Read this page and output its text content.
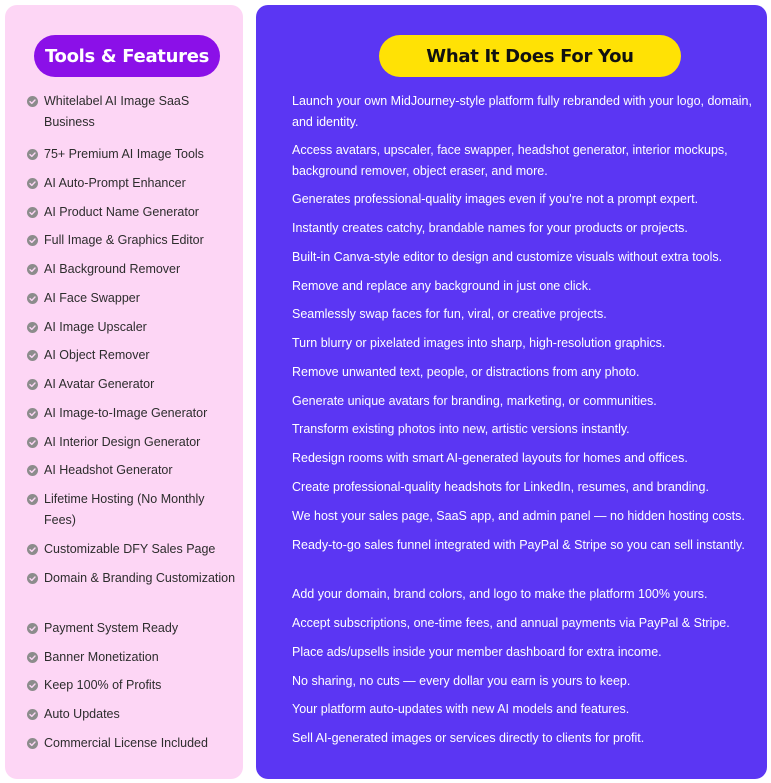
Tools & Features
Whitelabel AI Image SaaS Business
75+ Premium AI Image Tools
AI Auto-Prompt Enhancer
AI Product Name Generator
Full Image & Graphics Editor
AI Background Remover
AI Face Swapper
AI Image Upscaler
AI Object Remover
AI Avatar Generator
AI Image-to-Image Generator
AI Interior Design Generator
AI Headshot Generator
Lifetime Hosting (No Monthly Fees)
Customizable DFY Sales Page
Domain & Branding Customization
Payment System Ready
Banner Monetization
Keep 100% of Profits
Auto Updates
Commercial License Included
What It Does For You
Launch your own MidJourney-style platform fully rebranded with your logo, domain, and identity.
Access avatars, upscaler, face swapper, headshot generator, interior mockups, background remover, object eraser, and more.
Generates professional-quality images even if you're not a prompt expert.
Instantly creates catchy, brandable names for your products or projects.
Built-in Canva-style editor to design and customize visuals without extra tools.
Remove and replace any background in just one click.
Seamlessly swap faces for fun, viral, or creative projects.
Turn blurry or pixelated images into sharp, high-resolution graphics.
Remove unwanted text, people, or distractions from any photo.
Generate unique avatars for branding, marketing, or communities.
Transform existing photos into new, artistic versions instantly.
Redesign rooms with smart AI-generated layouts for homes and offices.
Create professional-quality headshots for LinkedIn, resumes, and branding.
We host your sales page, SaaS app, and admin panel — no hidden hosting costs.
Ready-to-go sales funnel integrated with PayPal & Stripe so you can sell instantly.
Add your domain, brand colors, and logo to make the platform 100% yours.
Accept subscriptions, one-time fees, and annual payments via PayPal & Stripe.
Place ads/upsells inside your member dashboard for extra income.
No sharing, no cuts — every dollar you earn is yours to keep.
Your platform auto-updates with new AI models and features.
Sell AI-generated images or services directly to clients for profit.
